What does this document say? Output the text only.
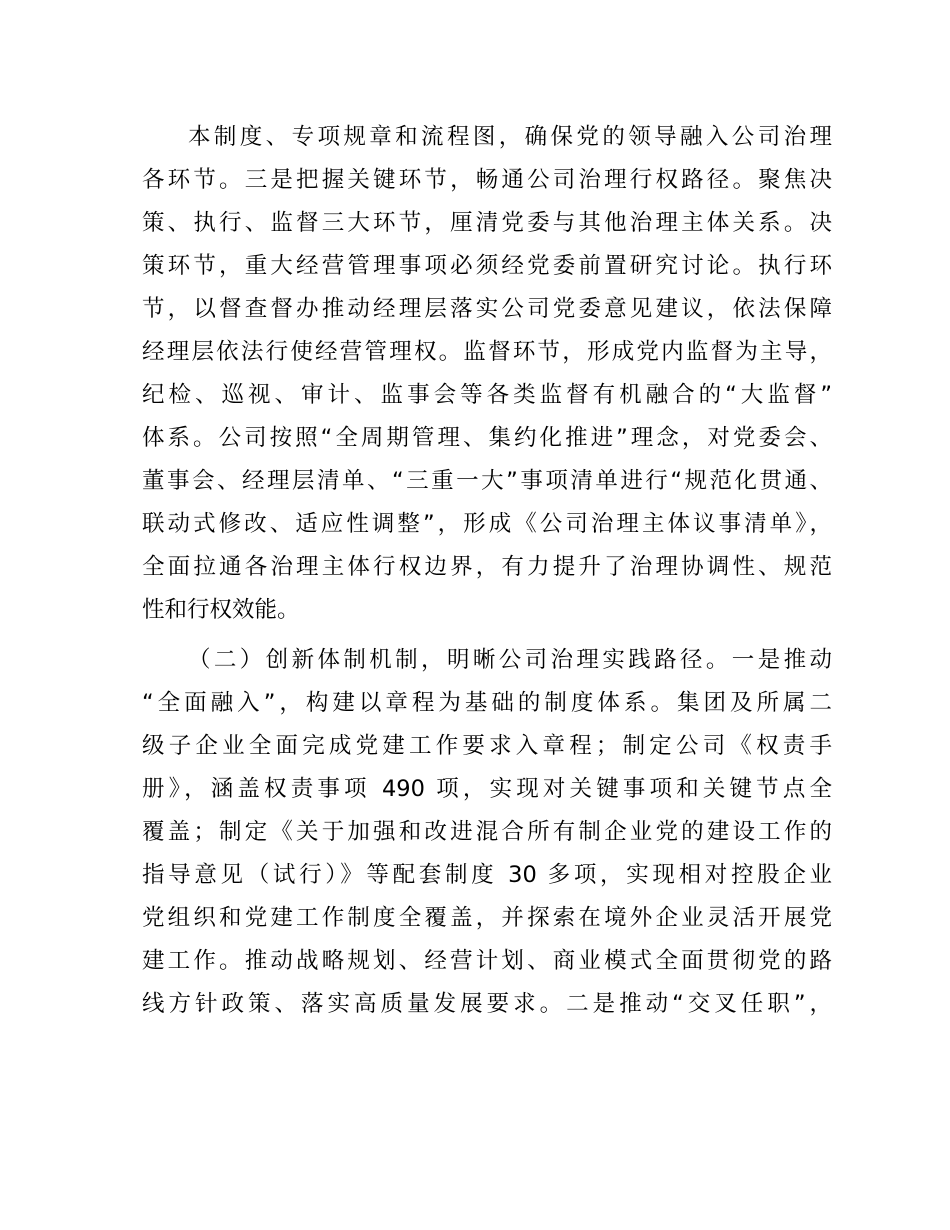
本制度、专项规章和流程图，确保党的领导融入公司治理
各环节。三是把握关键环节，畅通公司治理行权路径。聚焦决
策、执行、监督三大环节，厘清党委与其他治理主体关系。决
策环节，重大经营管理事项必须经党委前置研究讨论。执行环
节，以督查督办推动经理层落实公司党委意见建议，依法保障
经理层依法行使经营管理权。监督环节，形成党内监督为主导，
纪检、巡视、审计、监事会等各类监督有机融合的“大监督”
体系。公司按照“全周期管理、集约化推进”理念，对党委会、
董事会、经理层清单、“三重一大”事项清单进行“规范化贯通、
联动式修改、适应性调整”，形成《公司治理主体议事清单》，
全面拉通各治理主体行权边界，有力提升了治理协调性、规范
性和行权效能。
（二）创新体制机制，明晰公司治理实践路径。一是推动
“全面融入”，构建以章程为基础的制度体系。集团及所属二
级子企业全面完成党建工作要求入章程；制定公司《权责手
册》，涵盖权责事项 490 项，实现对关键事项和关键节点全
覆盖；制定《关于加强和改进混合所有制企业党的建设工作的
指导意见（试行）》等配套制度 30 多项，实现相对控股企业
党组织和党建工作制度全覆盖，并探索在境外企业灵活开展党
建工作。推动战略规划、经营计划、商业模式全面贯彻党的路
线方针政策、落实高质量发展要求。二是推动“交叉任职”，
